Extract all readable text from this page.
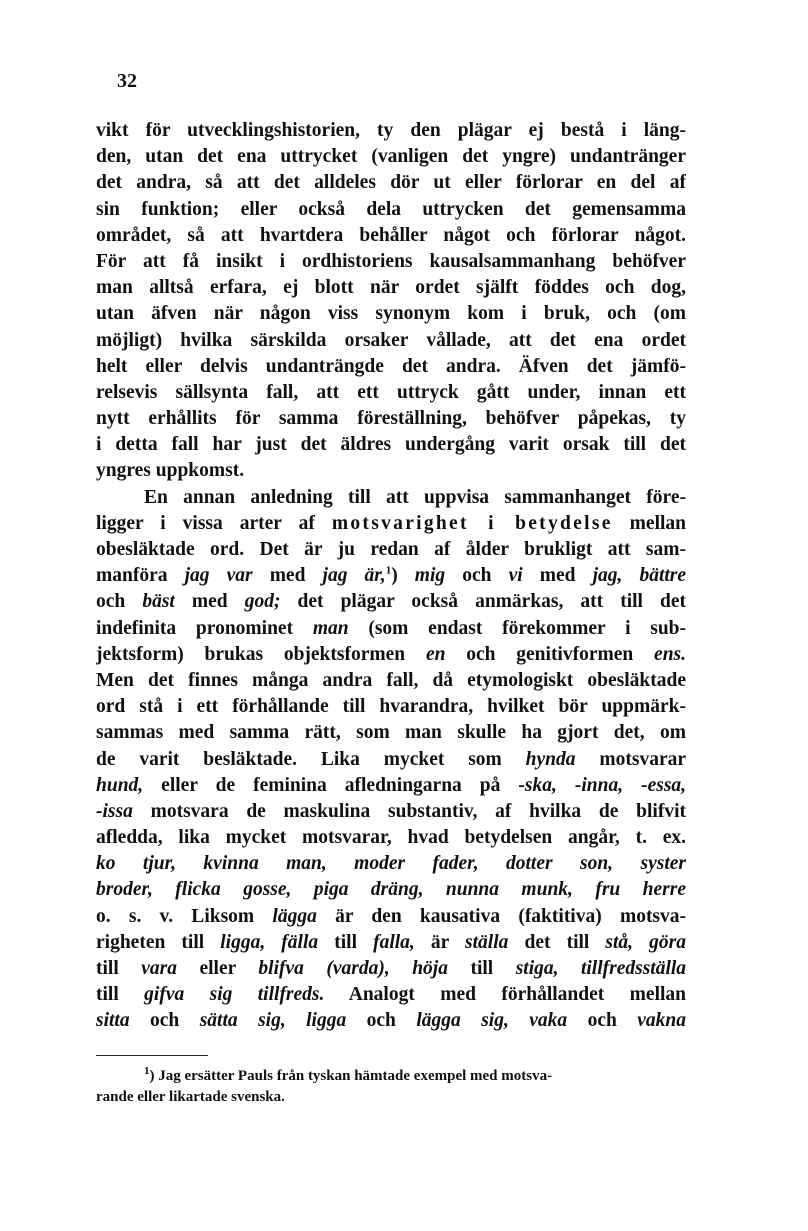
32
vikt för utvecklingshistorien, ty den plägar ej bestå i läng-
den, utan det ena uttrycket (vanligen det yngre) undantränger
det andra, så att det alldeles dör ut eller förlorar en del af
sin funktion; eller också dela uttrycken det gemensamma
området, så att hvartdera behåller något och förlorar något.
För att få insikt i ordhistoriens kausalsammanhang behöfver
man alltså erfara, ej blott när ordet själft föddes och dog,
utan äfven när någon viss synonym kom i bruk, och (om
möjligt) hvilka särskilda orsaker vållade, att det ena ordet
helt eller delvis undanträngde det andra. Äfven det jämfö-
relsevis sällsynta fall, att ett uttryck gått under, innan ett
nytt erhållits för samma föreställning, behöfver påpekas, ty
i detta fall har just det äldres undergång varit orsak till det
yngres uppkomst.
En annan anledning till att uppvisa sammanhanget före-
ligger i vissa arter af motsvarighet i betydelse mellan
obesläktade ord. Det är ju redan af ålder brukligt att sam-
manföra jag var med jag är,$^1$) mig och vi med jag, bättre
och bäst med god; det plägar också anmärkas, att till det
indefinita pronominet man (som endast förekommer i sub-
jektsform) brukas objektsformen en och genitivformen ens.
Men det finnes många andra fall, då etymologiskt obesläktade
ord stå i ett förhållande till hvarandra, hvilket bör uppmärk-
sammas med samma rätt, som man skulle ha gjort det, om
de varit besläktade. Lika mycket som hynda motsvarar
hund, eller de feminina afledningarna på -ska, -inna, -essa,
-issa motsvara de maskulina substantiv, af hvilka de blifvit
afledda, lika mycket motsvarar, hvad betydelsen angår, t. ex.
ko tjur, kvinna man, moder fader, dotter son, syster
broder, flicka gosse, piga dräng, nunna munk, fru herre
o. s. v. Liksom lägga är den kausativa (faktitiva) motsva-
righeten till ligga, fälla till falla, är ställa det till stå, göra
till vara eller blifva (varda), höja till stiga, tillfredsställa
till gifva sig tillfreds. Analogt med förhållandet mellan
sitta och sätta sig, ligga och lägga sig, vaka och vakna
$^1$) Jag ersätter Pauls från tyskan hämtade exempel med motsva-
rande eller likartade svenska.
